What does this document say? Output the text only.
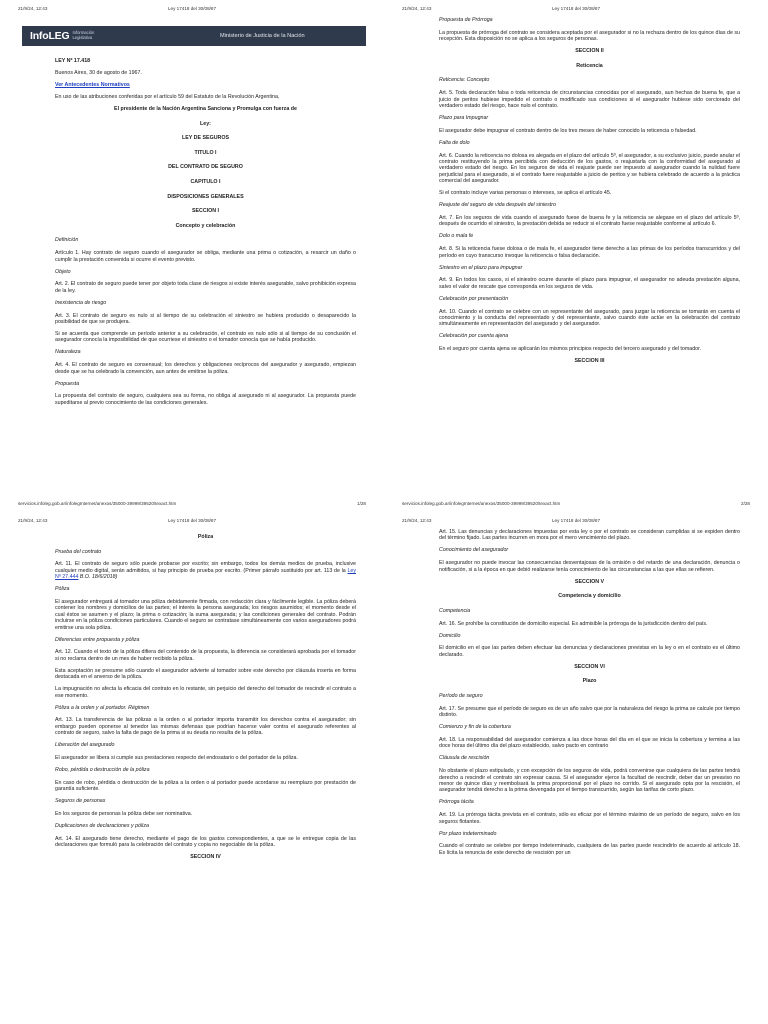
21/9/24, 12:43	Ley 17418 del 30/08/67
InfoLEG Información Legislativa	Ministerio de Justicia de la Nación

LEY Nº 17.418

Buenos Aires, 30 de agosto de 1967.

Ver Antecedentes Normativos

En uso de las atribuciones conferidas por el artículo 59 del Estatuto de la Revolución Argentina,

El presidente de la Nación Argentina Sanciona y Promulga con fuerza de

Ley:

LEY DE SEGUROS

TITULO I

DEL CONTRATO DE SEGURO

CAPITULO I

DISPOSICIONES GENERALES

SECCION I

Concepto y celebración

Definición

Artículo 1. Hay contrato de seguro cuando el asegurador se obliga, mediante una prima o cotización, a resarcir un daño o cumplir la prestación convenida si ocurre el evento previsto.

Objeto

Art. 2. El contrato de seguro puede tener por objeto toda clase de riesgos si existe interés asegurable, salvo prohibición expresa de la ley.

Inexistencia de riesgo

Art. 3. El contrato de seguro es nulo si al tiempo de su celebración el siniestro se hubiera producido o desaparecido la posibilidad de que se produjera.

Si se acuerda que comprende un período anterior a su celebración, el contrato es nulo sólo si al tiempo de su conclusión el asegurador conocía la imposibilidad de que ocurriese el siniestro o el tomador conocía que se había producido.

Naturaleza

Art. 4. El contrato de seguro es consensual; los derechos y obligaciones recíprocos del asegurador y asegurado, empiezan desde que se ha celebrado la convención, aun antes de emitirse la póliza.

Propuesta

La propuesta del contrato de seguro, cualquiera sea su forma, no obliga al asegurado ni al asegurador. La propuesta puede supeditarse al previo conocimiento de las condiciones generales.

servicios.infoleg.gob.ar/infolegInternet/anexos/35000-39999/39520/texact.htm	1/28
21/9/24, 12:43	Ley 17418 del 30/08/67

Propuesta de Prórroga

La propuesta de prórroga del contrato se considera aceptada por el asegurador si no la rechaza dentro de los quince días de su recepción. Esta disposición no se aplica a los seguros de personas.

SECCION II

Reticencia

Reticencia: Concepto

Art. 5. Toda declaración falsa o toda reticencia de circunstancias conocidas por el asegurado, aun hechas de buena fe, que a juicio de peritos hubiese impedido el contrato o modificado sus condiciones si el asegurador hubiese sido cerciorado del verdadero estado del riesgo, hace nulo el contrato.

Plazo para Impugnar

El asegurador debe impugnar el contrato dentro de los tres meses de haber conocido la reticencia o falsedad.

Falta de dolo

Art. 6. Cuando la reticencia no dolosa es alegada en el plazo del artículo 5º, el asegurador, a su exclusivo juicio, puede anular el contrato restituyendo la prima percibida con deducción de los gastos, o reajustarla con la conformidad del asegurado al verdadero estado del riesgo. En los seguros de vida el reajuste puede ser impuesto al asegurador cuando la nulidad fuere perjudicial para el asegurado, si el contrato fuere reajustable a juicio de peritos y se hubiera celebrado de acuerdo a la práctica comercial del asegurador.

Si el contrato incluye varias personas o intereses, se aplica el artículo 45.

Reajuste del seguro de vida después del siniestro

Art. 7. En los seguros de vida cuando el asegurado fuese de buena fe y la reticencia se alegase en el plazo del artículo 5º, después de ocurrido el siniestro, la prestación debida se reducir si el contrato fuese reajustable conforme al artículo 6.

Dolo o mala fe

Art. 8. Si la reticencia fuese dolosa o de mala fe, el asegurador tiene derecho a las primas de los períodos transcurridos y del período en cuyo transcurso invoque la reticencia o falsa declaración.

Siniestro en el plazo para impugnar

Art. 9. En todos los casos, si el siniestro ocurre durante el plazo para impugnar, el asegurador no adeuda prestación alguna, salvo el valor de rescate que corresponda en los seguros de vida.

Celebración por presentación

Art. 10. Cuando el contrato se celebre con un representante del asegurado, para juzgar la reticencia se tomarán en cuenta el conocimiento y la conducta del representado y del representante, salvo cuando éste actúe en la celebración del contrato simultáneamente en representación del asegurado y del asegurador.

Celebración por cuenta ajena

En el seguro por cuenta ajena se aplicarán los mismos principios respecto del tercero asegurado y del tomador.

SECCION III

servicios.infoleg.gob.ar/infolegInternet/anexos/35000-39999/39520/texact.htm	2/28
21/9/24, 12:43	Ley 17418 del 30/08/67

Póliza

Prueba del contrato

Art. 11. El contrato de seguro sólo puede probarse por escrito; sin embargo, todos los demás medios de prueba, inclusive cualquier medio digital, serán admitidos, si hay principio de prueba por escrito. (Primer párrafo sustituido por art. 113 de la Ley Nº 27.444 B.O. 18/6/2018)

Póliza

El asegurador entregará al tomador una póliza debidamente firmada, con redacción clara y fácilmente legible. La póliza deberá contener los nombres y domicilios de las partes; el interés la persona asegurada; los riesgos asumidos; el momento desde el cual éstos se asumen y el plazo; la prima o cotización; la suma asegurada; y las condiciones generales del contrato. Podrán incluirse en la póliza condiciones particulares. Cuando el seguro se contratase simultáneamente con varios aseguradores podrá emitirse una sola póliza.

Diferencias entre propuesta y póliza

Art. 12. Cuando el texto de la póliza difiera del contenido de la propuesta, la diferencia se considerará aprobada por el tomador si no reclama dentro de un mes de haber recibido la póliza.

Esta aceptación se presume sólo cuando el asegurador advierte al tomador sobre este derecho por cláusula inserta en forma destacada en el anverso de la póliza.

La impugnación no afecta la eficacia del contrato en lo restante, sin perjuicio del derecho del tomador de rescindir el contrato a ese momento.

Póliza a la orden y al portador. Régimen

Art. 13. La transferencia de las pólizas a la orden o al portador importa transmitir los derechos contra el asegurador; sin embargo pueden oponerse al tenedor las mismas defensas que podrían hacerse valer contra el asegurado referentes al contrato de seguro, salvo la falta de pago de la prima si su deuda no resulta de la póliza.

Liberación del asegurado

El asegurador se libera si cumple sus prestaciones respecto del endosatario o del portador de la póliza.

Robo, pérdida o destrucción de la póliza

En caso de robo, pérdida o destrucción de la póliza a la orden o al portador puede acordarse su reemplazo por prestación de garantía suficiente.

Seguros de personas

En los seguros de personas la póliza debe ser nominativa.

Duplicaciones de declaraciones y póliza

Art. 14. El asegurado tiene derecho, mediante el pago de los gastos correspondientes, a que se le entregue copia de las declaraciones que formuló para la celebración del contrato y copia no negociable de la póliza.

SECCION IV

21/9/24, 12:43	Ley 17418 del 30/08/67

Art. 15. Las denuncias y declaraciones impuestas por esta ley o por el contrato se consideran cumplidas si se expiden dentro del término fijado. Las partes incurren en mora por el mero vencimiento del plazo.

Conocimiento del asegurador

El asegurador no puede invocar las consecuencias desventajosas de la omisión o del retardo de una declaración, denuncia o notificación, si a la época en que debió realizarse tenía conocimiento de las circunstancias a las que ellas se refieren.

SECCION V

Competencia y domicilio

Competencia

Art. 16. Se prohíbe la constitución de domicilio especial. Es admisible la prórroga de la jurisdicción dentro del país.

Domicilio

El domicilio en el que las partes deben efectuar las denuncias y declaraciones previstas en la ley o en el contrato es el último declarado.

SECCION VI

Plazo

Período de seguro

Art. 17. Se presume que el período de seguro es de un año salvo que por la naturaleza del riesgo la prima se calcule por tiempo distinto.

Comienzo y fin de la cobertura

Art. 18. La responsabilidad del asegurador comienza a las doce horas del día en el que se inicia la cobertura y termina a las doce horas del último día del plazo establecido, salvo pacto en contrario

Cláusula de rescisión

No obstante el plazo estipulado, y con excepción de los seguros de vida, podrá convenirse que cualquiera de las partes tendrá derecho a rescindir el contrato sin expresar causa. Si el asegurador ejerce la facultad de rescindir, deber dar un preaviso no menor de quince días y reembolsará la prima proporcional por el plazo no corrido. Si el asegurado opta por la rescisión, el asegurador tendrá derecho a la prima devengada por el tiempo transcurrido, según las tarifas de corto plazo.

Prórroga tácita

Art. 19. La prórroga tácita prevista en el contrato, sólo es eficaz por el término máximo de un período de seguro, salvo en los seguros flotantes.

Por plazo indeterminado

Cuando el contrato se celebre por tiempo indeterminado, cualquiera de las partes puede rescindirlo de acuerdo al artículo 18. Es lícita la renuncia de este derecho de rescisión por un
